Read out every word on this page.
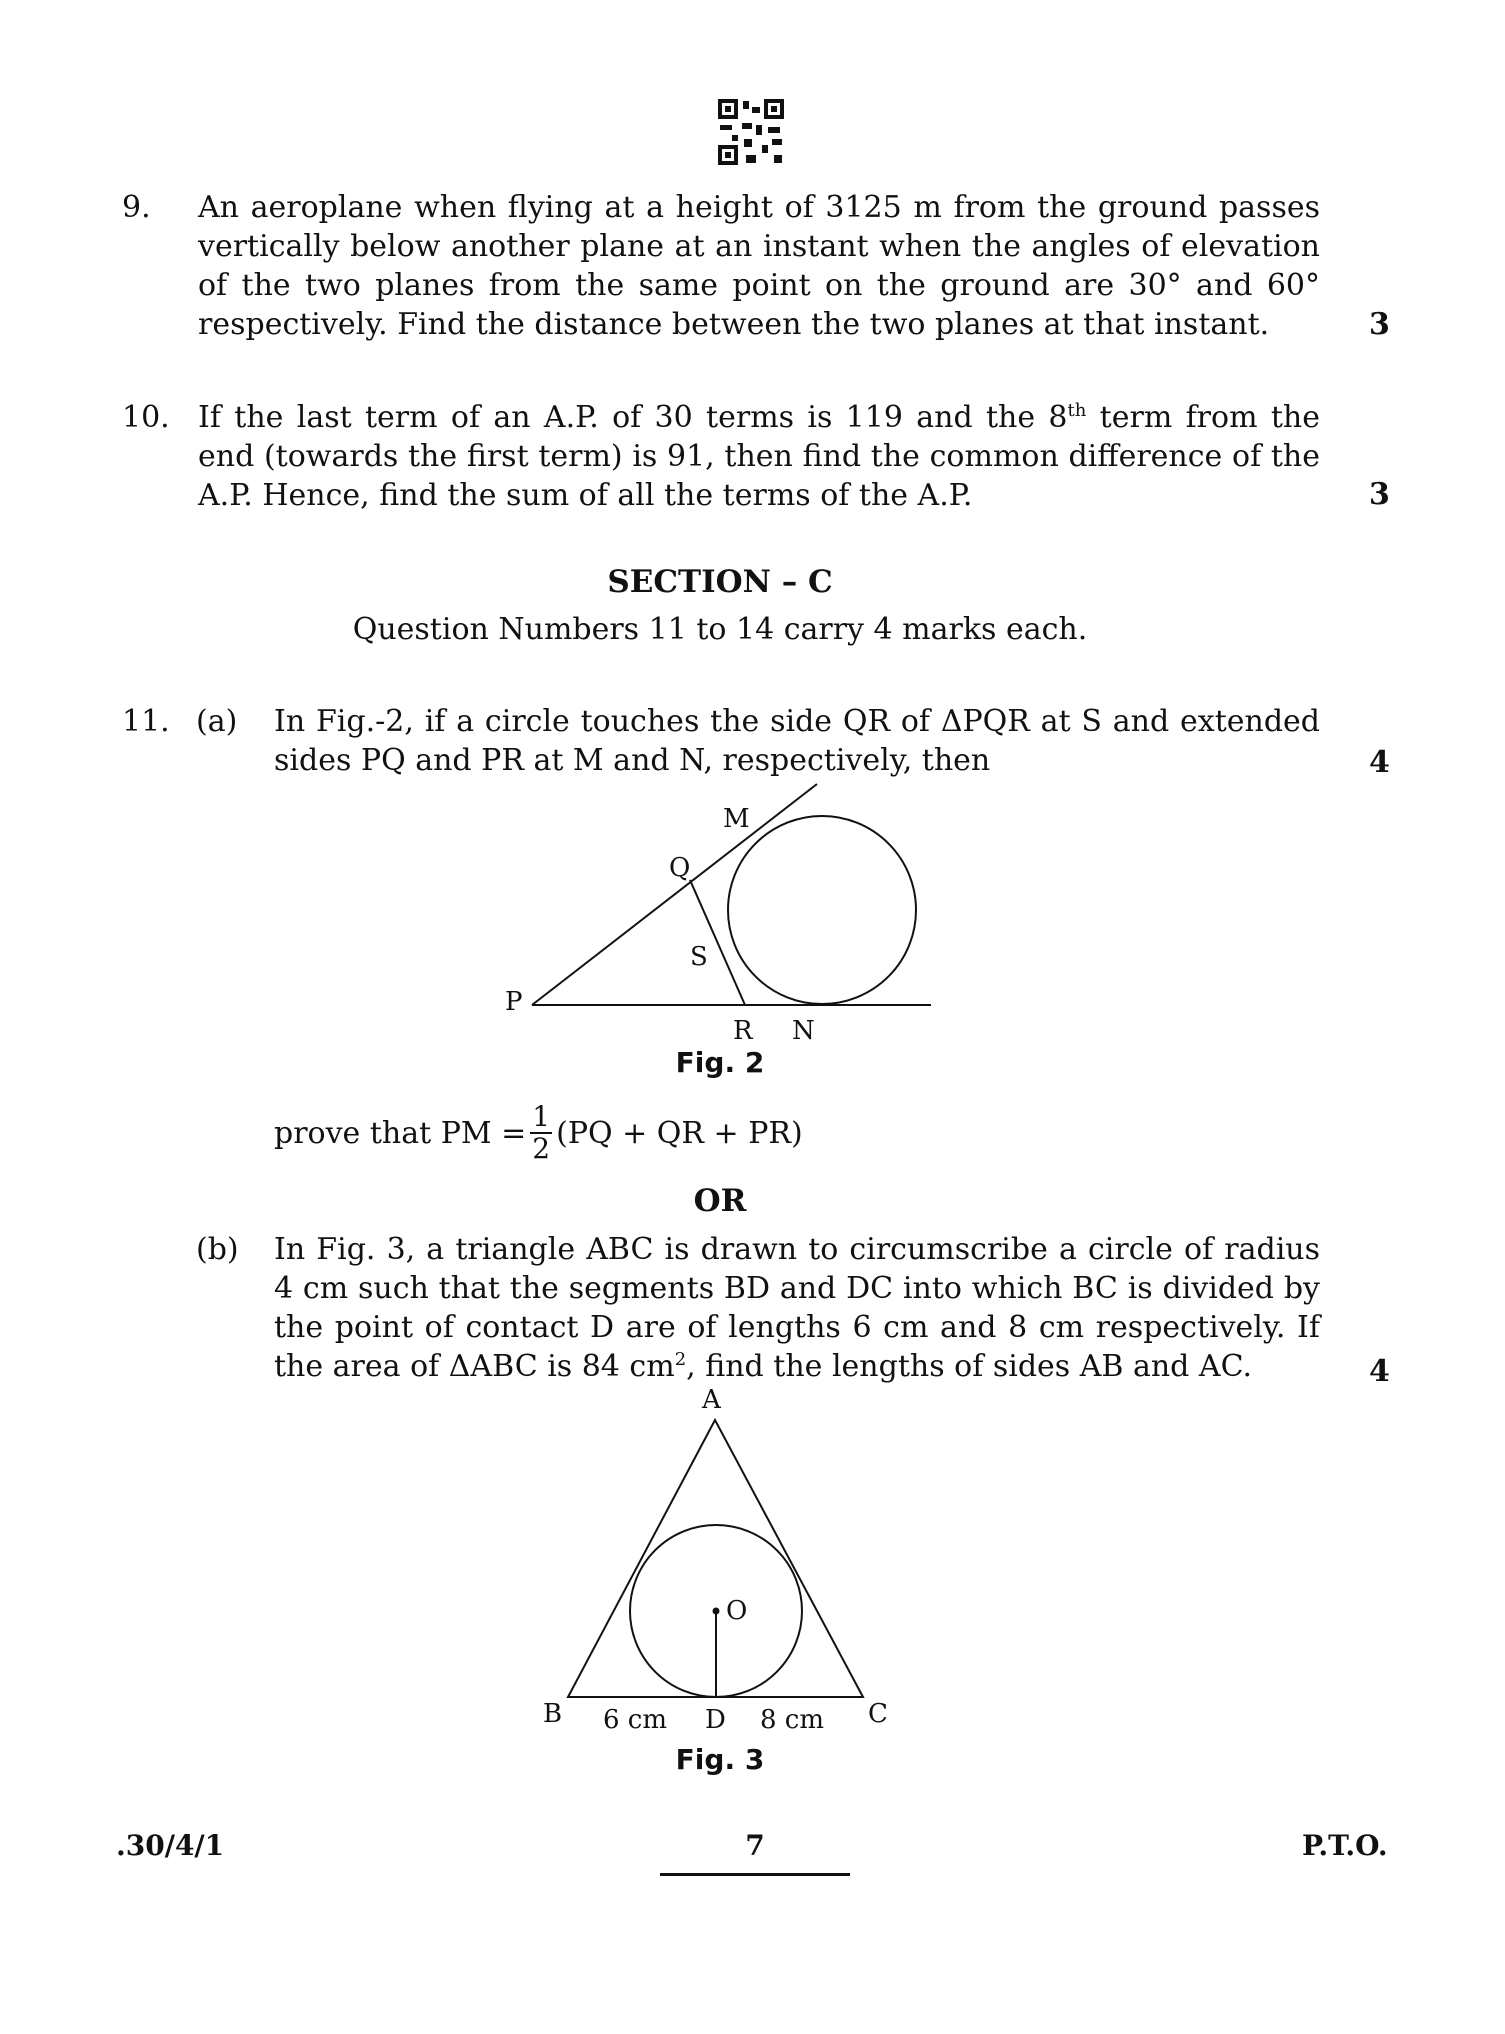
9. An aeroplane when flying at a height of 3125 m from the ground passes vertically below another plane at an instant when the angles of elevation of the two planes from the same point on the ground are 30° and 60° respectively. Find the distance between the two planes at that instant.	3
10. If the last term of an A.P. of 30 terms is 119 and the 8th term from the end (towards the first term) is 91, then find the common difference of the A.P. Hence, find the sum of all the terms of the A.P.	3
SECTION – C
Question Numbers 11 to 14 carry 4 marks each.
11. (a) In Fig.-2, if a circle touches the side QR of ΔPQR at S and extended sides PQ and PR at M and N, respectively, then	4
M
Q
S
P
R N
Fig. 2
prove that PM = $\frac{1}{2} (PQ$ + QR + PR)
OR
(b) In Fig. 3, a triangle ABC is drawn to circumscribe a circle of radius 4 cm such that the segments BD and DC into which BC is divided by the point of contact D are of lengths 6 cm and 8 cm respectively. If the area of ΔABC is 84 $cm^2$, find the lengths of sides AB and AC.	4
A
O
B	C
D
6 cm	8 cm
Fig. 3
.30/4/1	7	P.T.O.
